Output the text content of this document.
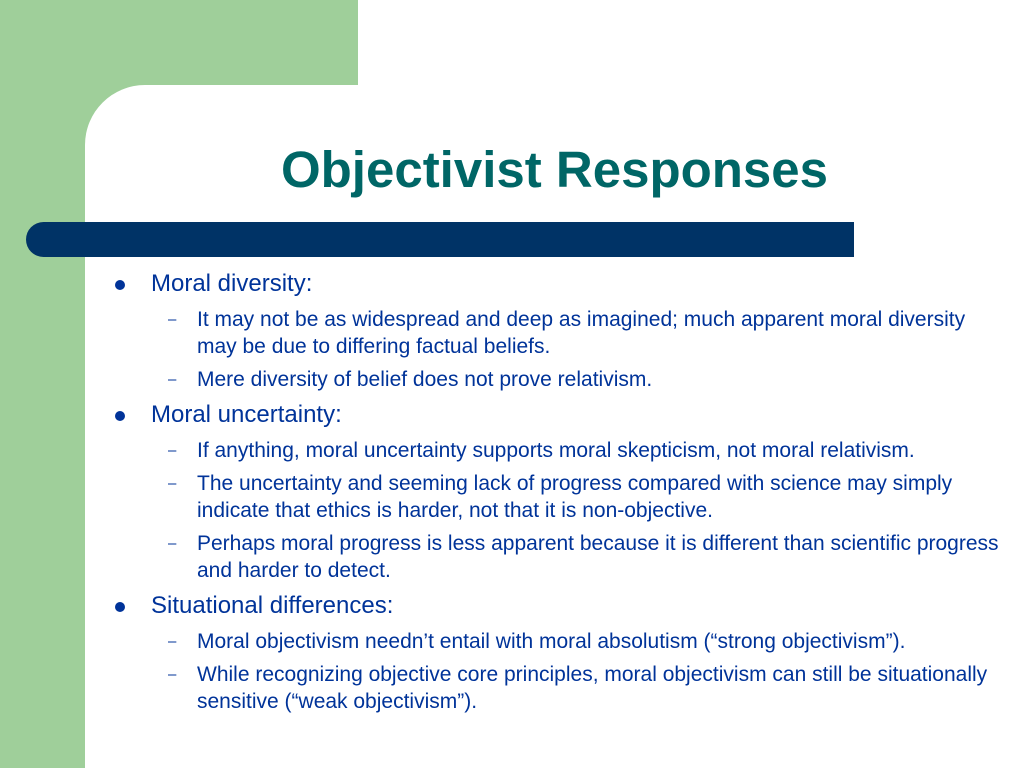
Objectivist Responses
Moral diversity:
– It may not be as widespread and deep as imagined; much apparent moral diversity may be due to differing factual beliefs.
– Mere diversity of belief does not prove relativism.
Moral uncertainty:
– If anything, moral uncertainty supports moral skepticism, not moral relativism.
– The uncertainty and seeming lack of progress compared with science may simply indicate that ethics is harder, not that it is non-objective.
– Perhaps moral progress is less apparent because it is different than scientific progress and harder to detect.
Situational differences:
– Moral objectivism needn’t entail with moral absolutism (“strong objectivism”).
– While recognizing objective core principles, moral objectivism can still be situationally sensitive (“weak objectivism”).
